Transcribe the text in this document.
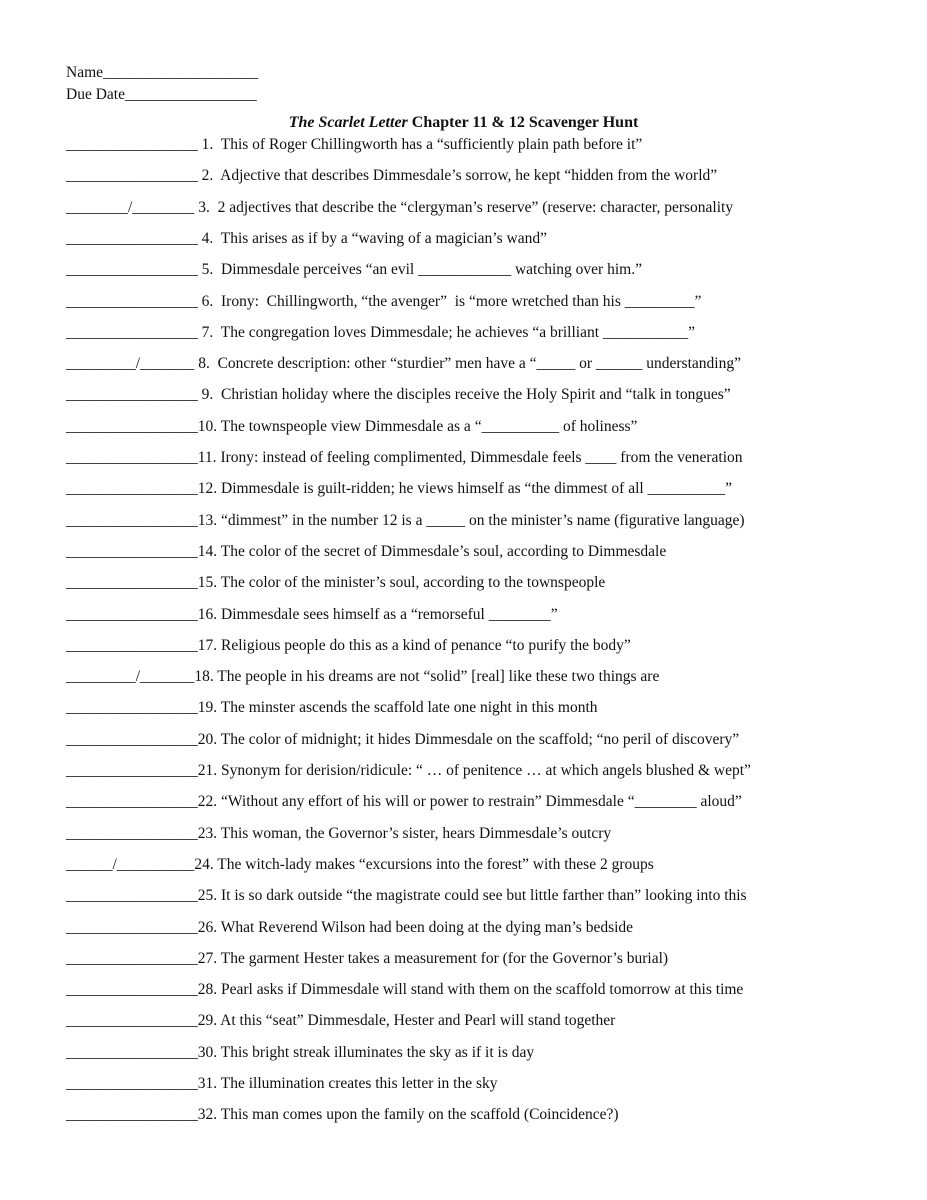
Name____________________
Due Date_________________
The Scarlet Letter Chapter 11 & 12 Scavenger Hunt
_________________ 1.  This of Roger Chillingworth has a “sufficiently plain path before it”
_________________ 2.  Adjective that describes Dimmesdale’s sorrow, he kept “hidden from the world”
________/________ 3.  2 adjectives that describe the “clergyman’s reserve” (reserve: character, personality
_________________ 4.  This arises as if by a “waving of a magician’s wand”
_________________ 5.  Dimmesdale perceives “an evil ____________ watching over him.”
_________________ 6.  Irony:  Chillingworth, “the avenger”  is “more wretched than his _________”
_________________ 7.  The congregation loves Dimmesdale; he achieves “a brilliant ___________”
_________/_______ 8.  Concrete description: other “sturdier” men have a “_____ or ______ understanding”
_________________ 9.  Christian holiday where the disciples receive the Holy Spirit and “talk in tongues”
_________________10. The townspeople view Dimmesdale as a “__________ of holiness”
_________________11. Irony: instead of feeling complimented, Dimmesdale feels ____ from the veneration
_________________12. Dimmesdale is guilt-ridden; he views himself as “the dimmest of all __________”
_________________13. “dimmest” in the number 12 is a _____ on the minister’s name (figurative language)
_________________14. The color of the secret of Dimmesdale’s soul, according to Dimmesdale
_________________15. The color of the minister’s soul, according to the townspeople
_________________16. Dimmesdale sees himself as a “remorseful ________”
_________________17. Religious people do this as a kind of penance “to purify the body”
_________/_______18. The people in his dreams are not “solid” [real] like these two things are
_________________19. The minster ascends the scaffold late one night in this month
_________________20. The color of midnight; it hides Dimmesdale on the scaffold; “no peril of discovery”
_________________21. Synonym for derision/ridicule: “ … of penitence … at which angels blushed & wept”
_________________22. “Without any effort of his will or power to restrain” Dimmesdale “________ aloud”
_________________23. This woman, the Governor’s sister, hears Dimmesdale’s outcry
______/__________24. The witch-lady makes “excursions into the forest” with these 2 groups
_________________25. It is so dark outside “the magistrate could see but little farther than” looking into this
_________________26. What Reverend Wilson had been doing at the dying man’s bedside
_________________27. The garment Hester takes a measurement for (for the Governor’s burial)
_________________28. Pearl asks if Dimmesdale will stand with them on the scaffold tomorrow at this time
_________________29. At this “seat” Dimmesdale, Hester and Pearl will stand together
_________________30. This bright streak illuminates the sky as if it is day
_________________31. The illumination creates this letter in the sky
_________________32. This man comes upon the family on the scaffold (Coincidence?)
